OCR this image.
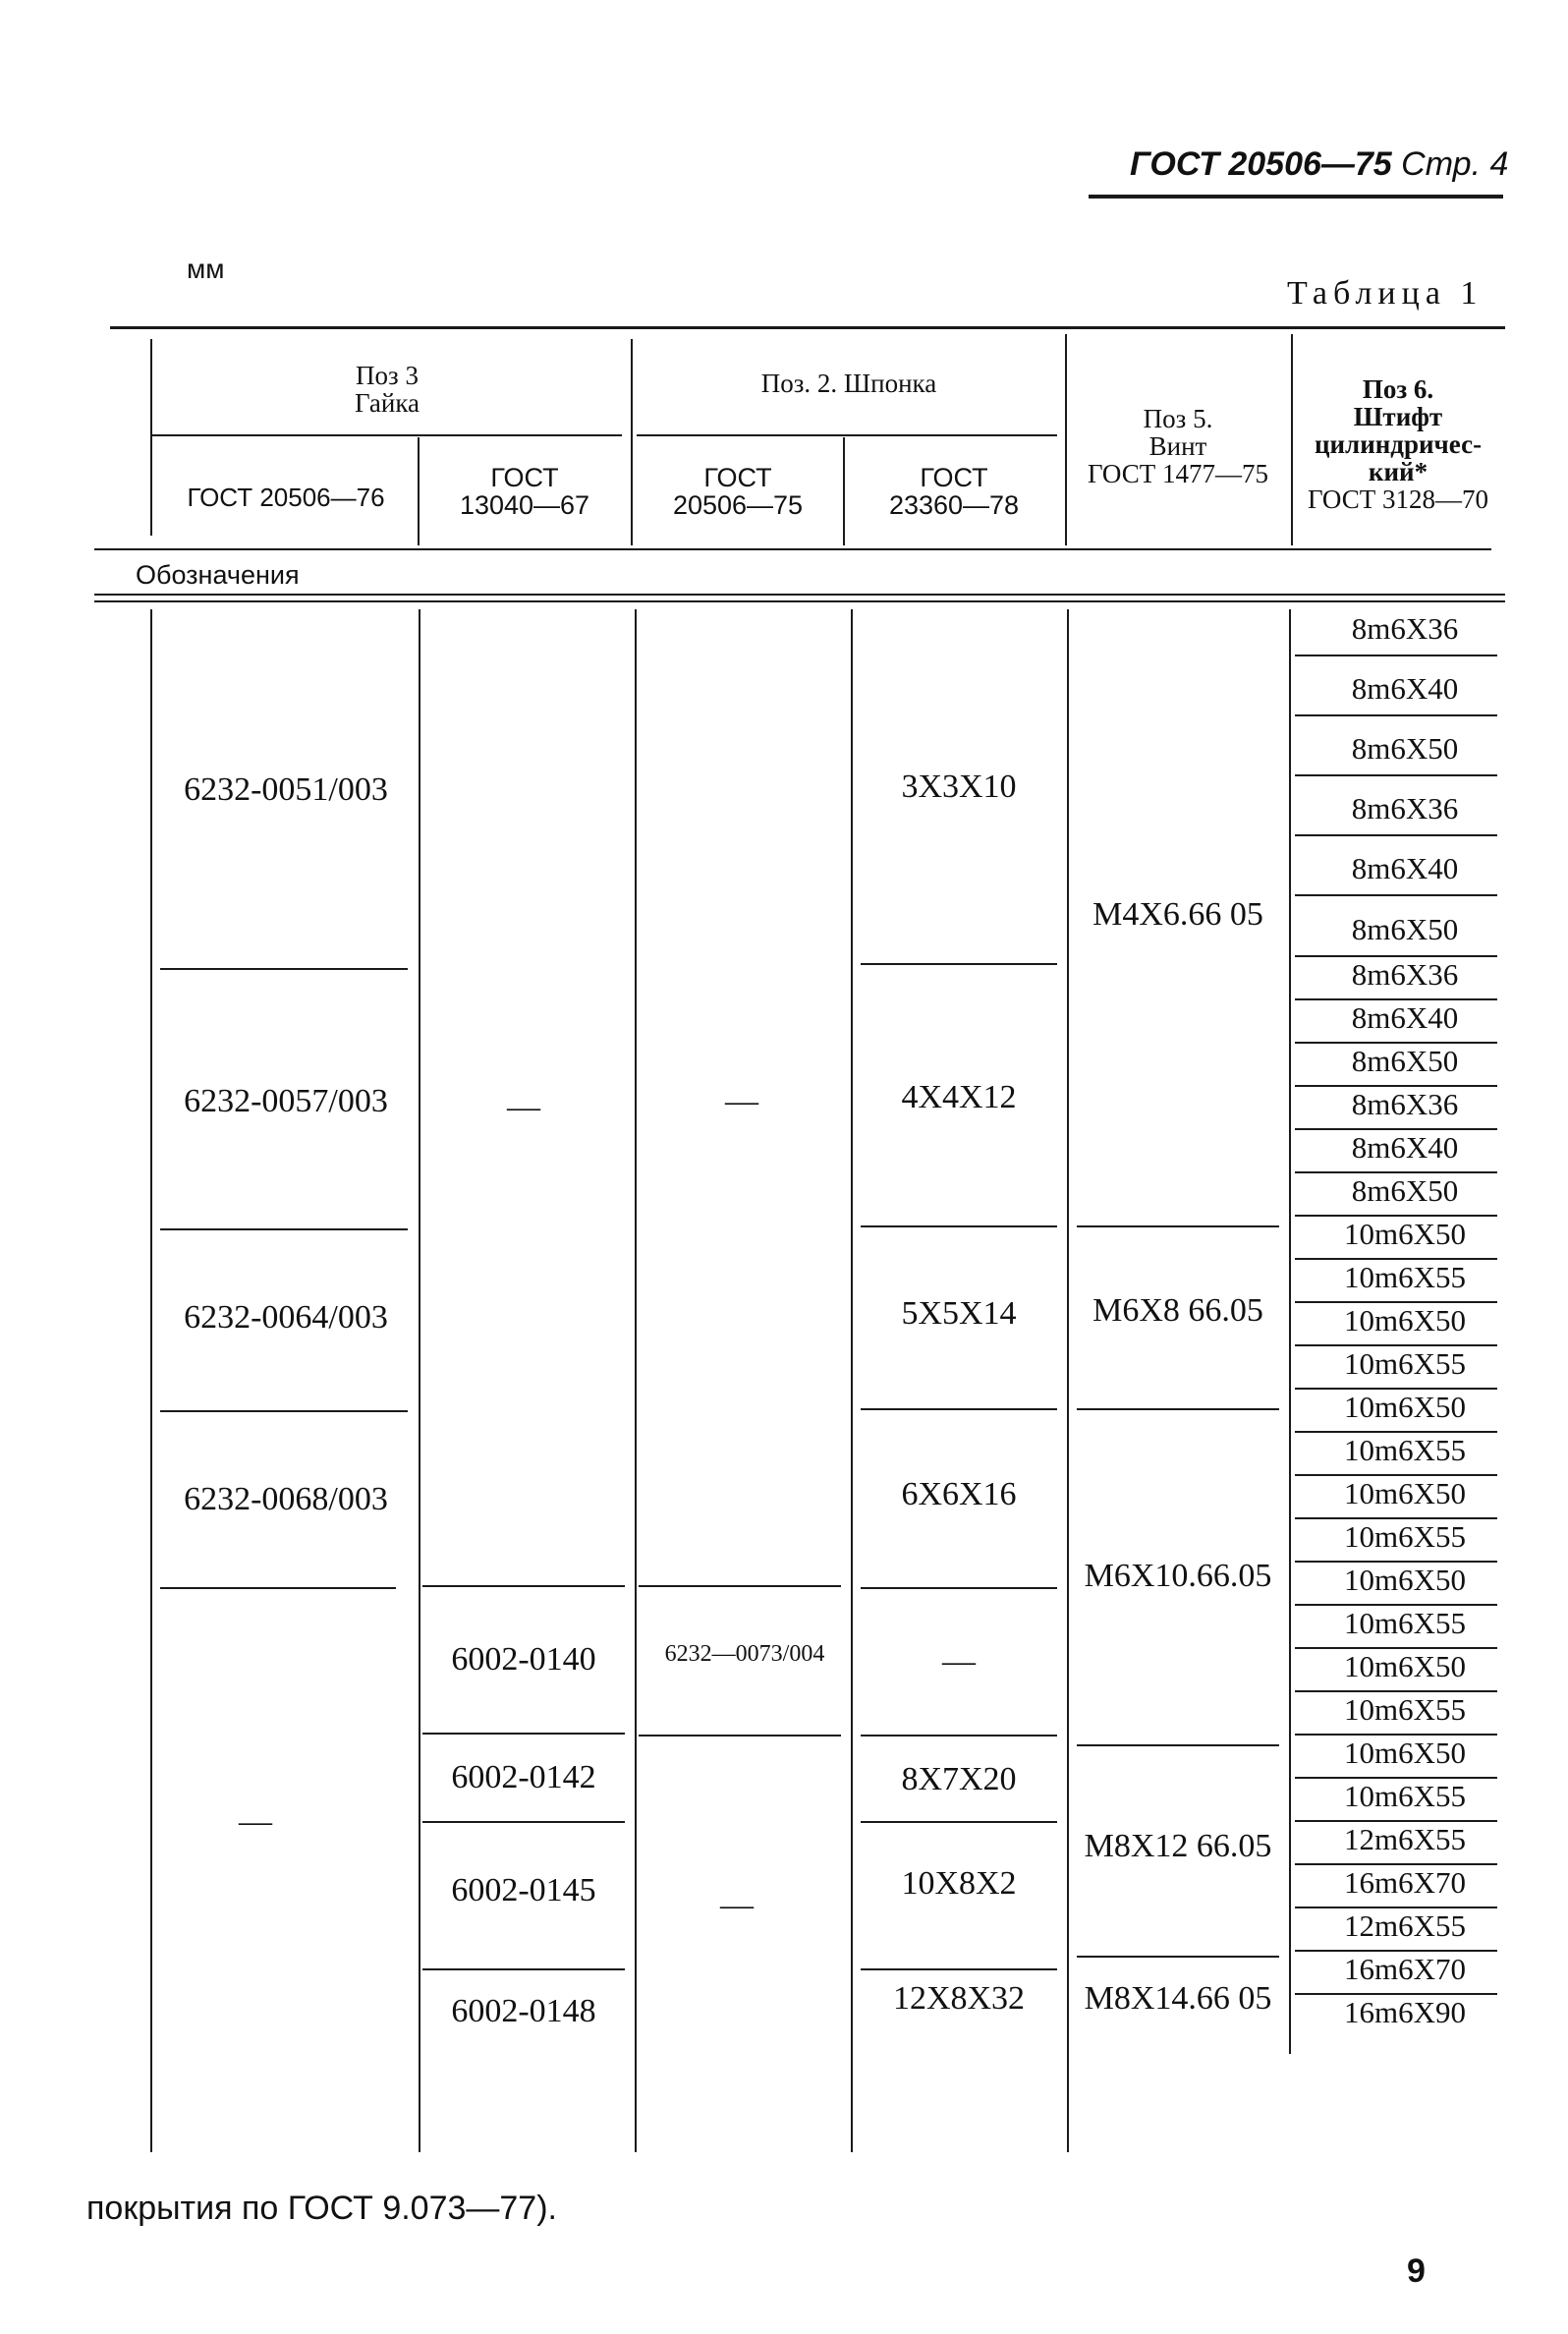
ГОСТ 20506—75 Стр. 4
мм
Таблица 1
Поз 3
Гайка
ГОСТ 20506—76
ГОСТ
13040—67
Поз. 2. Шпонка
ГОСТ
20506—75
ГОСТ
23360—78
Поз 5.
Винт
ГОСТ 1477—75
Поз 6.
Штифт
цилиндричес-
кий*
ГОСТ 3128—70
Обозначения
6232-0051/003
6232-0057/003
6232-0064/003
6232-0068/003
—
—
6002-0140
6002-0142
6002-0145
6002-0148
—
6232—0073/004
—
3Х3Х10
4Х4Х12
5Х5Х14
6Х6Х16
—
8Х7Х20
10Х8Х2
12Х8Х32
М4Х6.66 05
М6Х8 66.05
М6Х10.66.05
М8Х12 66.05
М8Х14.66 05
8m6Х36
8m6Х40
8m6Х50
8m6Х36
8m6Х40
8m6Х50
8m6Х36
8m6Х40
8m6Х50
8m6Х36
8m6Х40
8m6Х50
10m6Х50
10m6Х55
10m6Х50
10m6Х55
10m6Х50
10m6Х55
10m6Х50
10m6Х55
10m6Х50
10m6Х55
10m6Х50
10m6Х55
10m6Х50
10m6Х55
12m6Х55
16m6Х70
12m6Х55
16m6Х70
16m6Х90
покрытия по ГОСТ 9.073—77).
9
